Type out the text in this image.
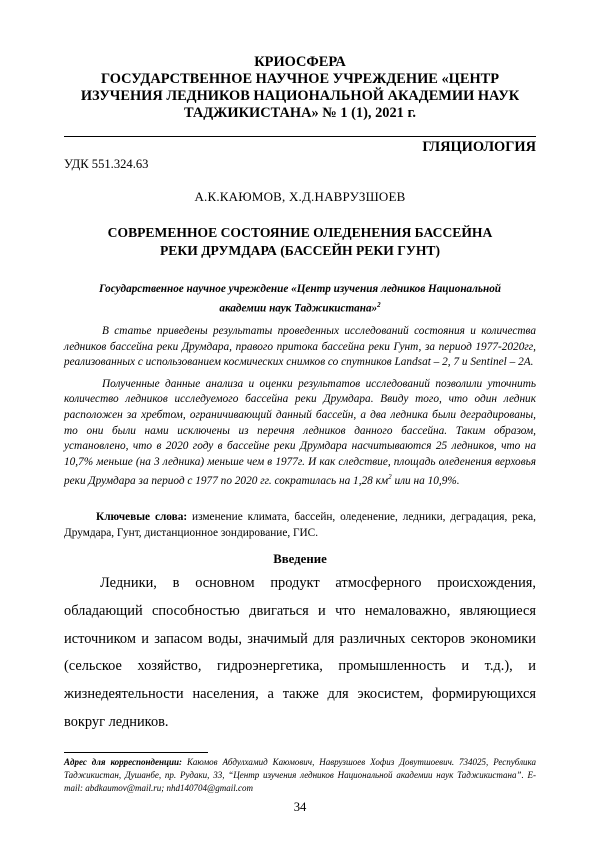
КРИОСФЕРА
ГОСУДАРСТВЕННОЕ НАУЧНОЕ УЧРЕЖДЕНИЕ «ЦЕНТР
ИЗУЧЕНИЯ ЛЕДНИКОВ НАЦИОНАЛЬНОЙ АКАДЕМИИ НАУК
ТАДЖИКИСТАНА» № 1 (1), 2021 г.
ГЛЯЦИОЛОГИЯ
УДК 551.324.63
А.К.КАЮМОВ, Х.Д.НАВРУЗШОЕВ
СОВРЕМЕННОЕ СОСТОЯНИЕ ОЛЕДЕНЕНИЯ БАССЕЙНА
РЕКИ ДРУМДАРА (БАССЕЙН РЕКИ ГУНТ)
Государственное научное учреждение «Центр изучения ледников Национальной академии наук Таджикистана»$^2$

В статье приведены результаты проведенных исследований состояния и количества ледников бассейна реки Друмдара, правого притока бассейна реки Гунт, за период 1977-2020гг, реализованных с использованием космических снимков со спутников Landsat – 2, 7 и Sentinel – 2A.

Полученные данные анализа и оценки результатов исследований позволили уточнить количество ледников исследуемого бассейна реки Друмдара. Ввиду того, что один ледник расположен за хребтом, ограничивающий данный бассейн, а два ледника были деградированы, то они были нами исключены из перечня ледников данного бассейна. Таким образом, установлено, что в 2020 году в бассейне реки Друмдара насчитываются 25 ледников, что на 10,7% меньше (на 3 ледника) меньше чем в 1977г. И как следствие, площадь оледенения верховья реки Друмдара за период с 1977 по 2020 гг. сократилась на 1,28 $км^2$ или на 10,9%.

Ключевые слова: изменение климата, бассейн, оледенение, ледники, деградация, река, Друмдара, Гунт, дистанционное зондирование, ГИС.

Введение

Ледники, в основном продукт атмосферного происхождения, обладающий способностью двигаться и что немаловажно, являющиеся источником и запасом воды, значимый для различных секторов экономики (сельское хозяйство, гидроэнергетика, промышленность и т.д.), и жизнедеятельности населения, а также для экосистем, формирующихся вокруг ледников.

Адрес для корреспонденции: Каюмов Абдулхамид Каюмович, Наврузшоев Хофиз Довутшоевич. 734025, Республика Таджикистан, Душанбе, пр. Рудаки, 33, “Центр изучения ледников Национальной академии наук Таджикистана”. E-mail: abdkaumov@mail.ru; nhd140704@gmail.com
34
